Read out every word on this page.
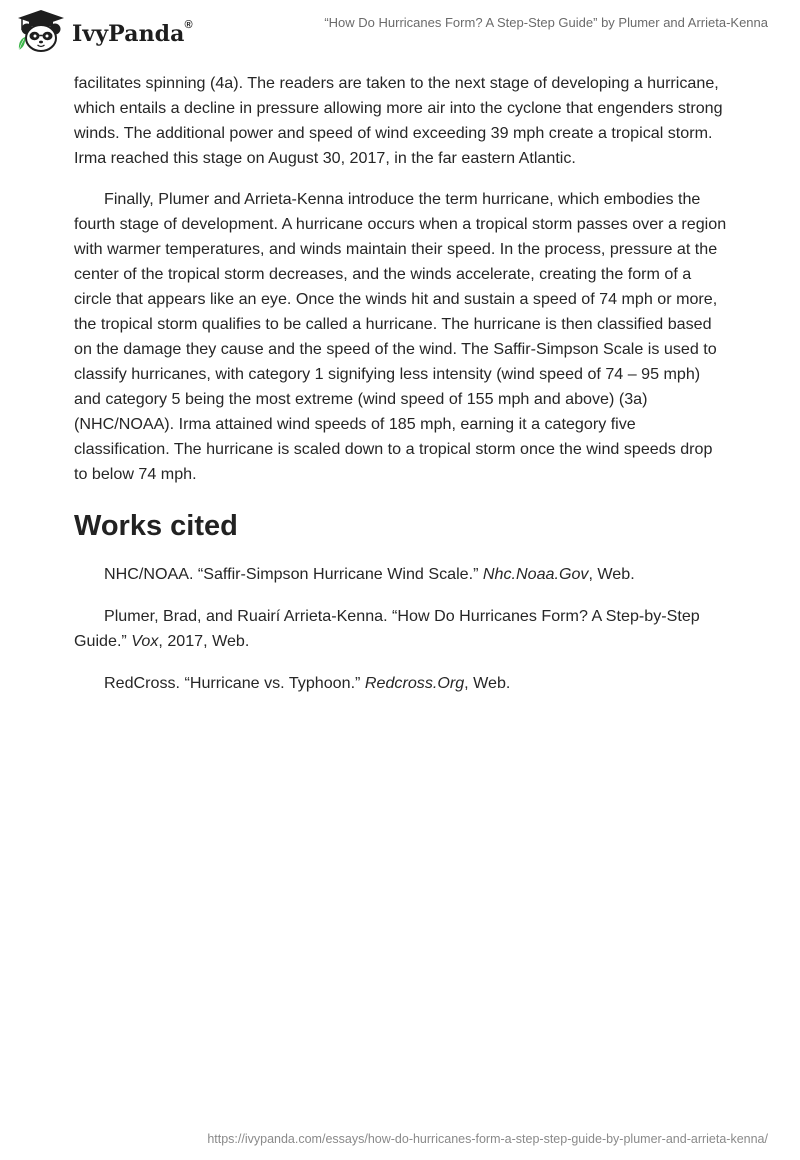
IvyPanda®	“How Do Hurricanes Form? A Step-Step Guide” by Plumer and Arrieta-Kenna

facilitates spinning (4a). The readers are taken to the next stage of developing a hurricane, which entails a decline in pressure allowing more air into the cyclone that engenders strong winds. The additional power and speed of wind exceeding 39 mph create a tropical storm. Irma reached this stage on August 30, 2017, in the far eastern Atlantic.

Finally, Plumer and Arrieta-Kenna introduce the term hurricane, which embodies the fourth stage of development. A hurricane occurs when a tropical storm passes over a region with warmer temperatures, and winds maintain their speed. In the process, pressure at the center of the tropical storm decreases, and the winds accelerate, creating the form of a circle that appears like an eye. Once the winds hit and sustain a speed of 74 mph or more, the tropical storm qualifies to be called a hurricane. The hurricane is then classified based on the damage they cause and the speed of the wind. The Saffir-Simpson Scale is used to classify hurricanes, with category 1 signifying less intensity (wind speed of 74 – 95 mph) and category 5 being the most extreme (wind speed of 155 mph and above) (3a) (NHC/NOAA). Irma attained wind speeds of 185 mph, earning it a category five classification. The hurricane is scaled down to a tropical storm once the wind speeds drop to below 74 mph.

Works cited

NHC/NOAA. “Saffir-Simpson Hurricane Wind Scale.” Nhc.Noaa.Gov, Web.

Plumer, Brad, and Ruairí Arrieta-Kenna. “How Do Hurricanes Form? A Step-by-Step Guide.” Vox, 2017, Web.

RedCross. “Hurricane vs. Typhoon.” Redcross.Org, Web.

https://ivypanda.com/essays/how-do-hurricanes-form-a-step-step-guide-by-plumer-and-arrieta-kenna/
